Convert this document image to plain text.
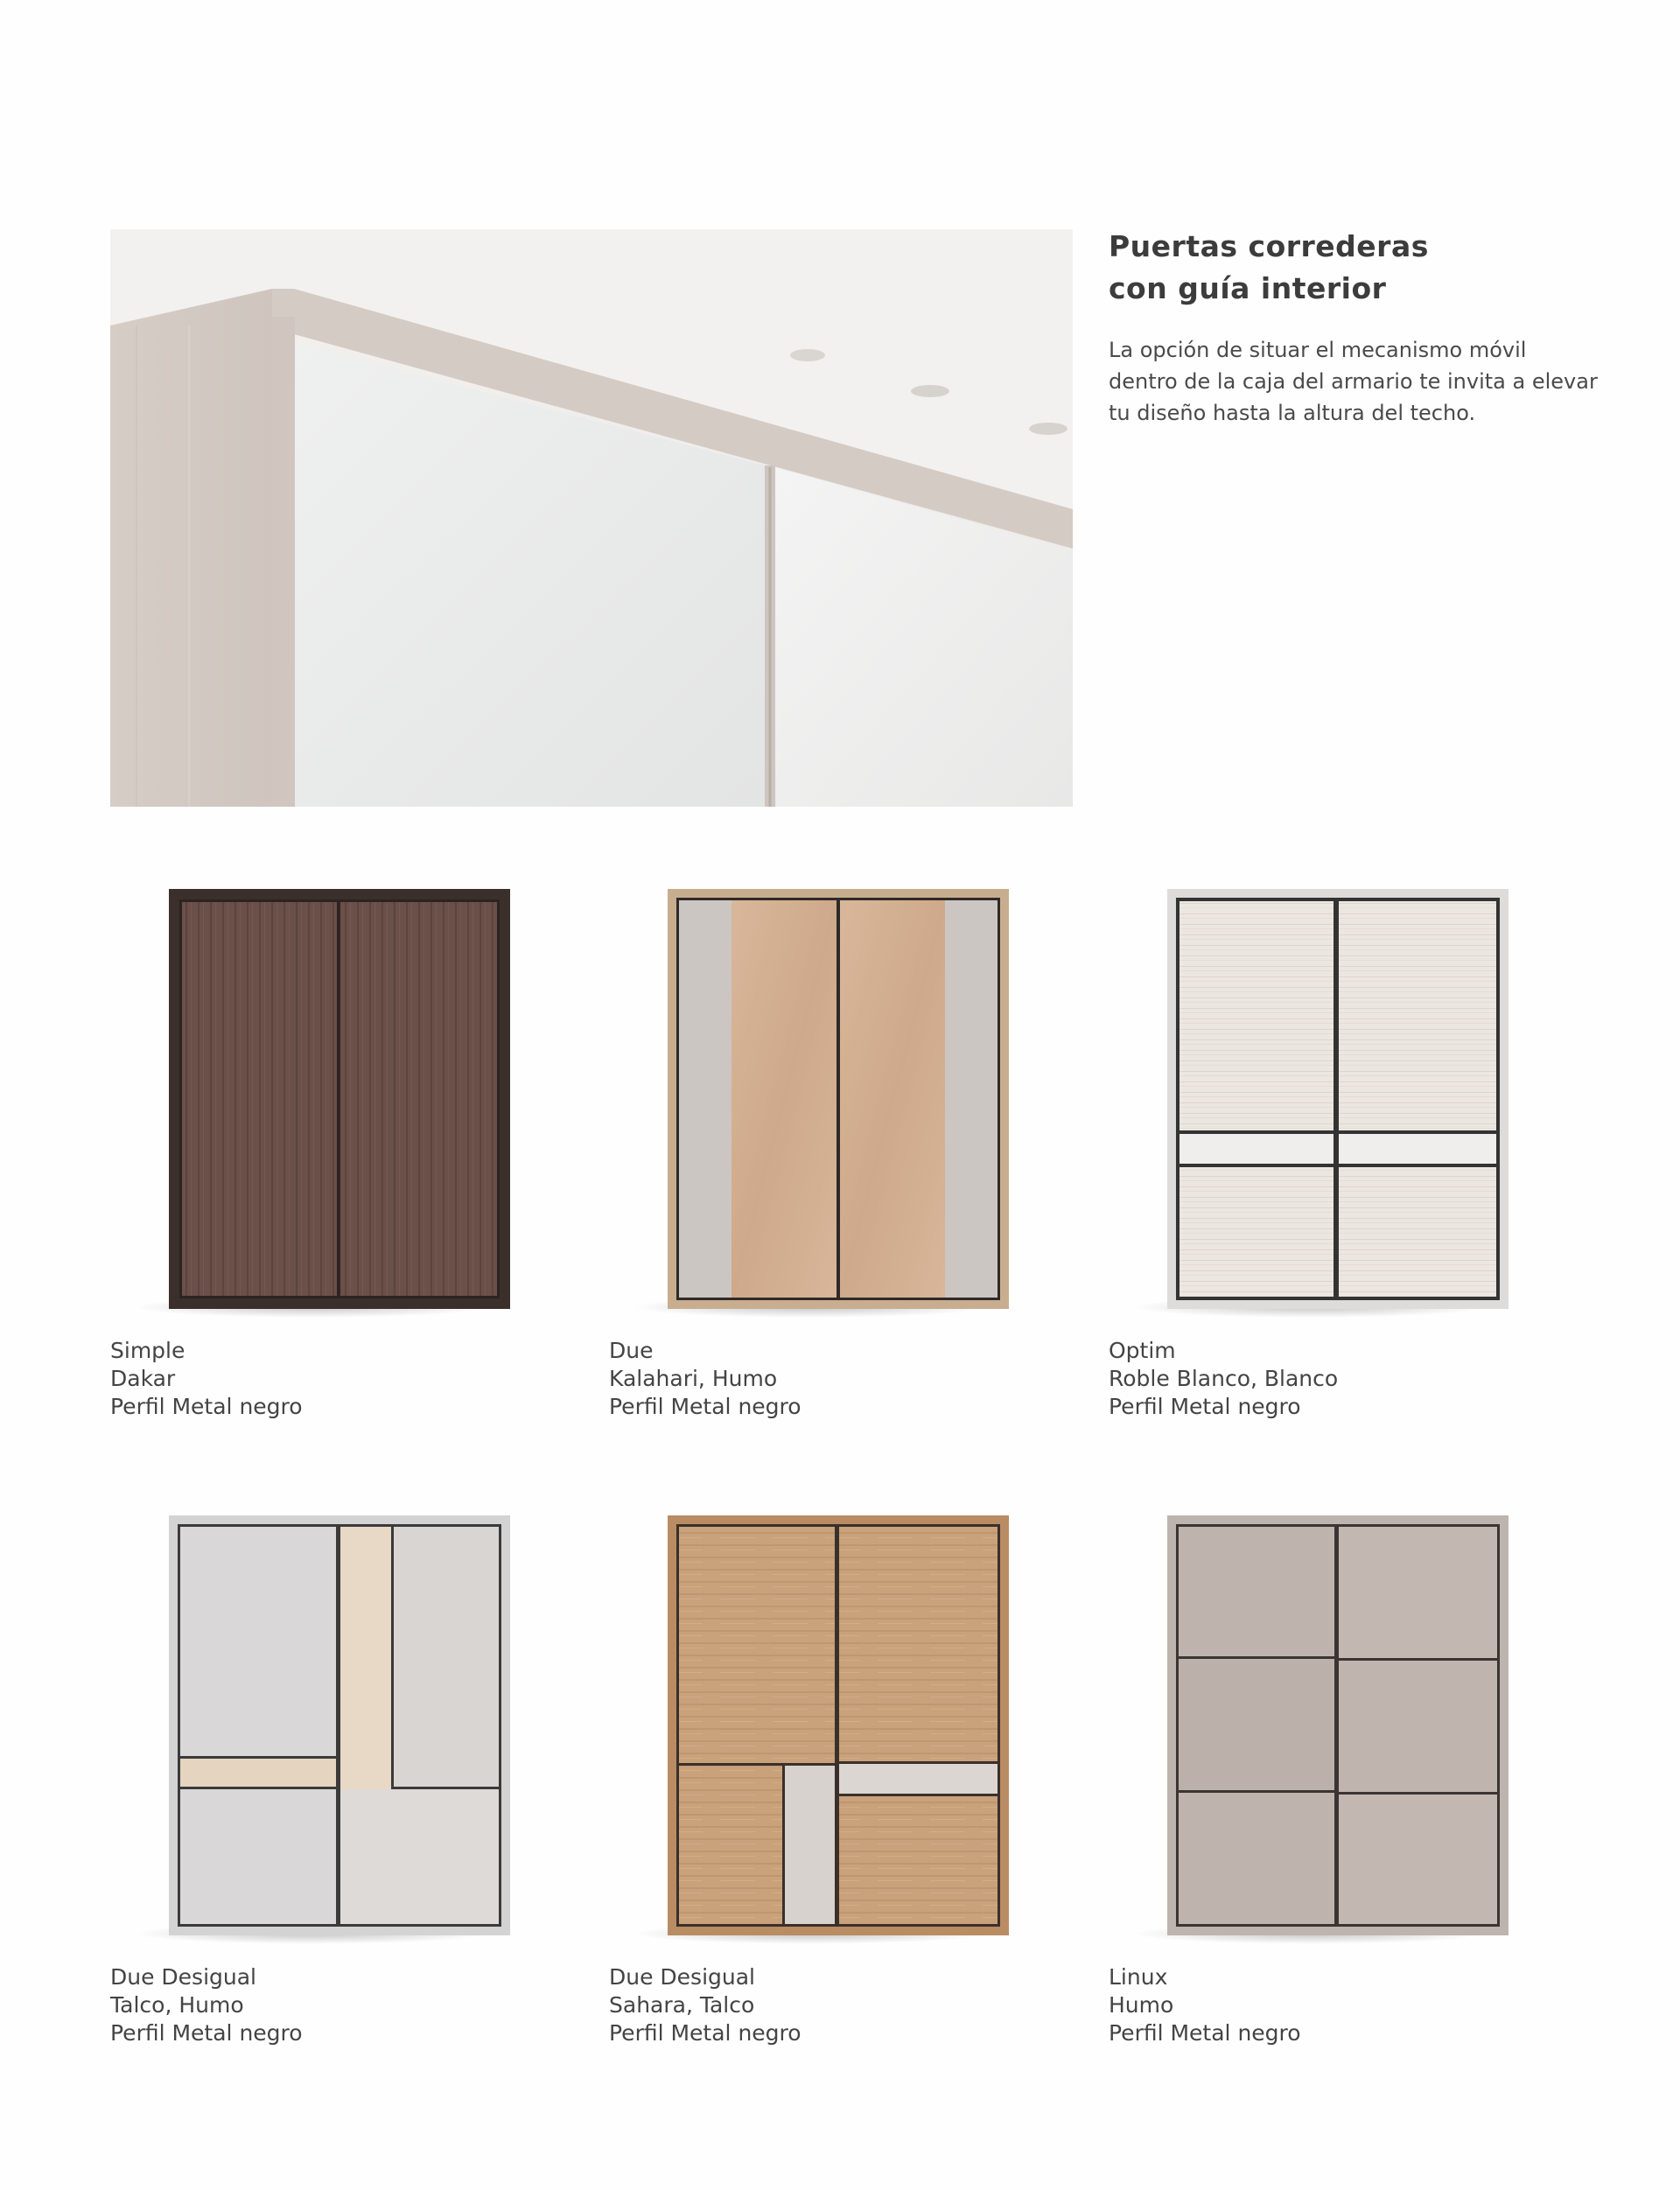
Puertas correderas
con guía interior

La opción de situar el mecanismo móvil dentro de la caja del armario te invita a elevar tu diseño hasta la altura del techo.

Simple
Dakar
Perfil Metal negro
Due
Kalahari, Humo
Perfil Metal negro
Optim
Roble Blanco, Blanco
Perfil Metal negro
Due Desigual
Talco, Humo
Perfil Metal negro
Due Desigual
Sahara, Talco
Perfil Metal negro
Linux
Humo
Perfil Metal negro
